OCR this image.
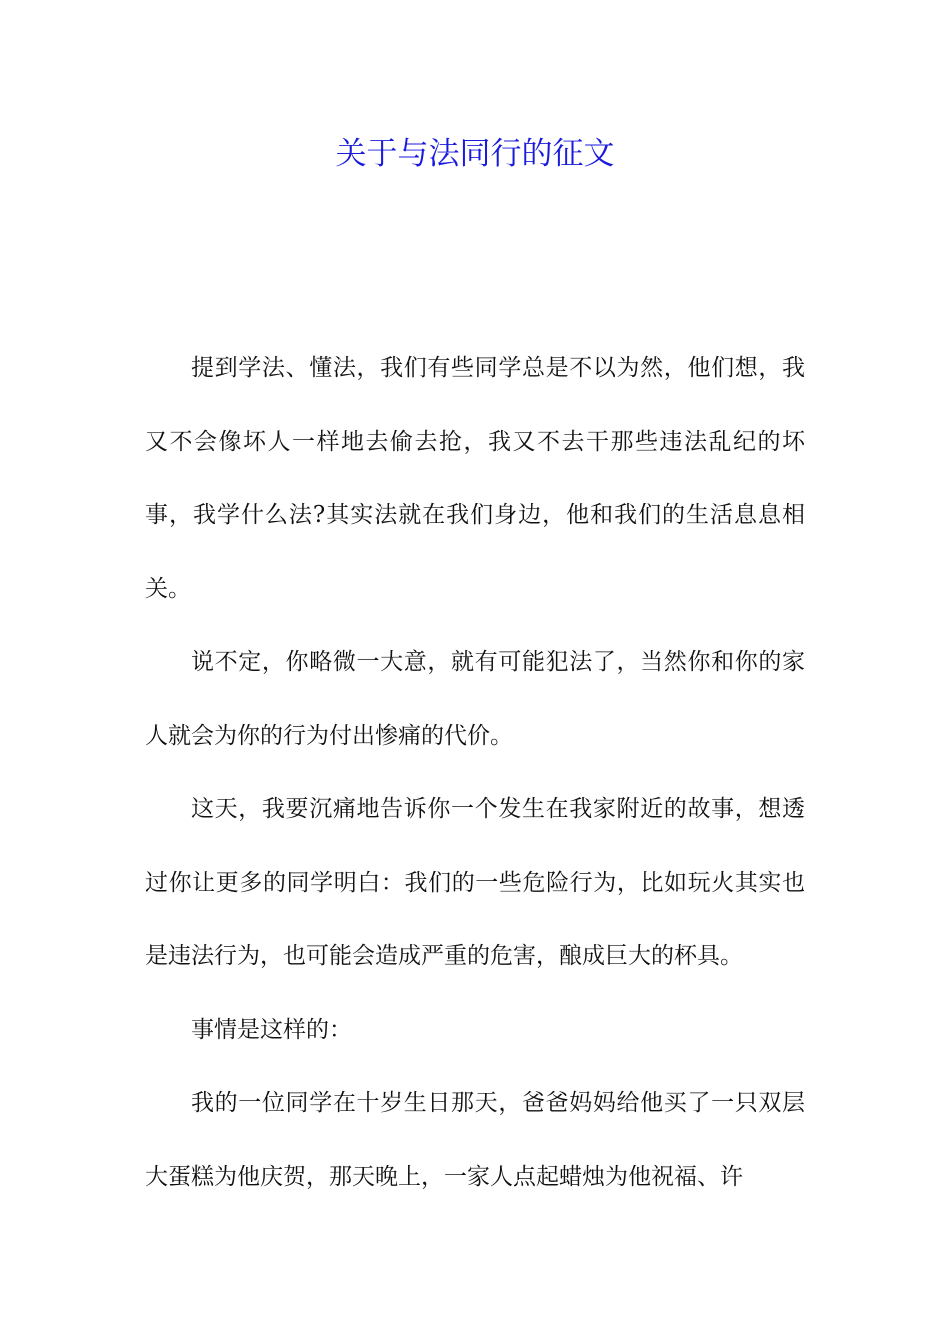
关于与法同行的征文

提到学法、懂法，我们有些同学总是不以为然，他们想，我又不会像坏人一样地去偷去抢，我又不去干那些违法乱纪的坏事，我学什么法?其实法就在我们身边，他和我们的生活息息相关。

说不定，你略微一大意，就有可能犯法了，当然你和你的家人就会为你的行为付出惨痛的代价。

这天，我要沉痛地告诉你一个发生在我家附近的故事，想透过你让更多的同学明白：我们的一些危险行为，比如玩火其实也是违法行为，也可能会造成严重的危害，酿成巨大的杯具。

事情是这样的：

我的一位同学在十岁生日那天，爸爸妈妈给他买了一只双层大蛋糕为他庆贺，那天晚上，一家人点起蜡烛为他祝福、许
